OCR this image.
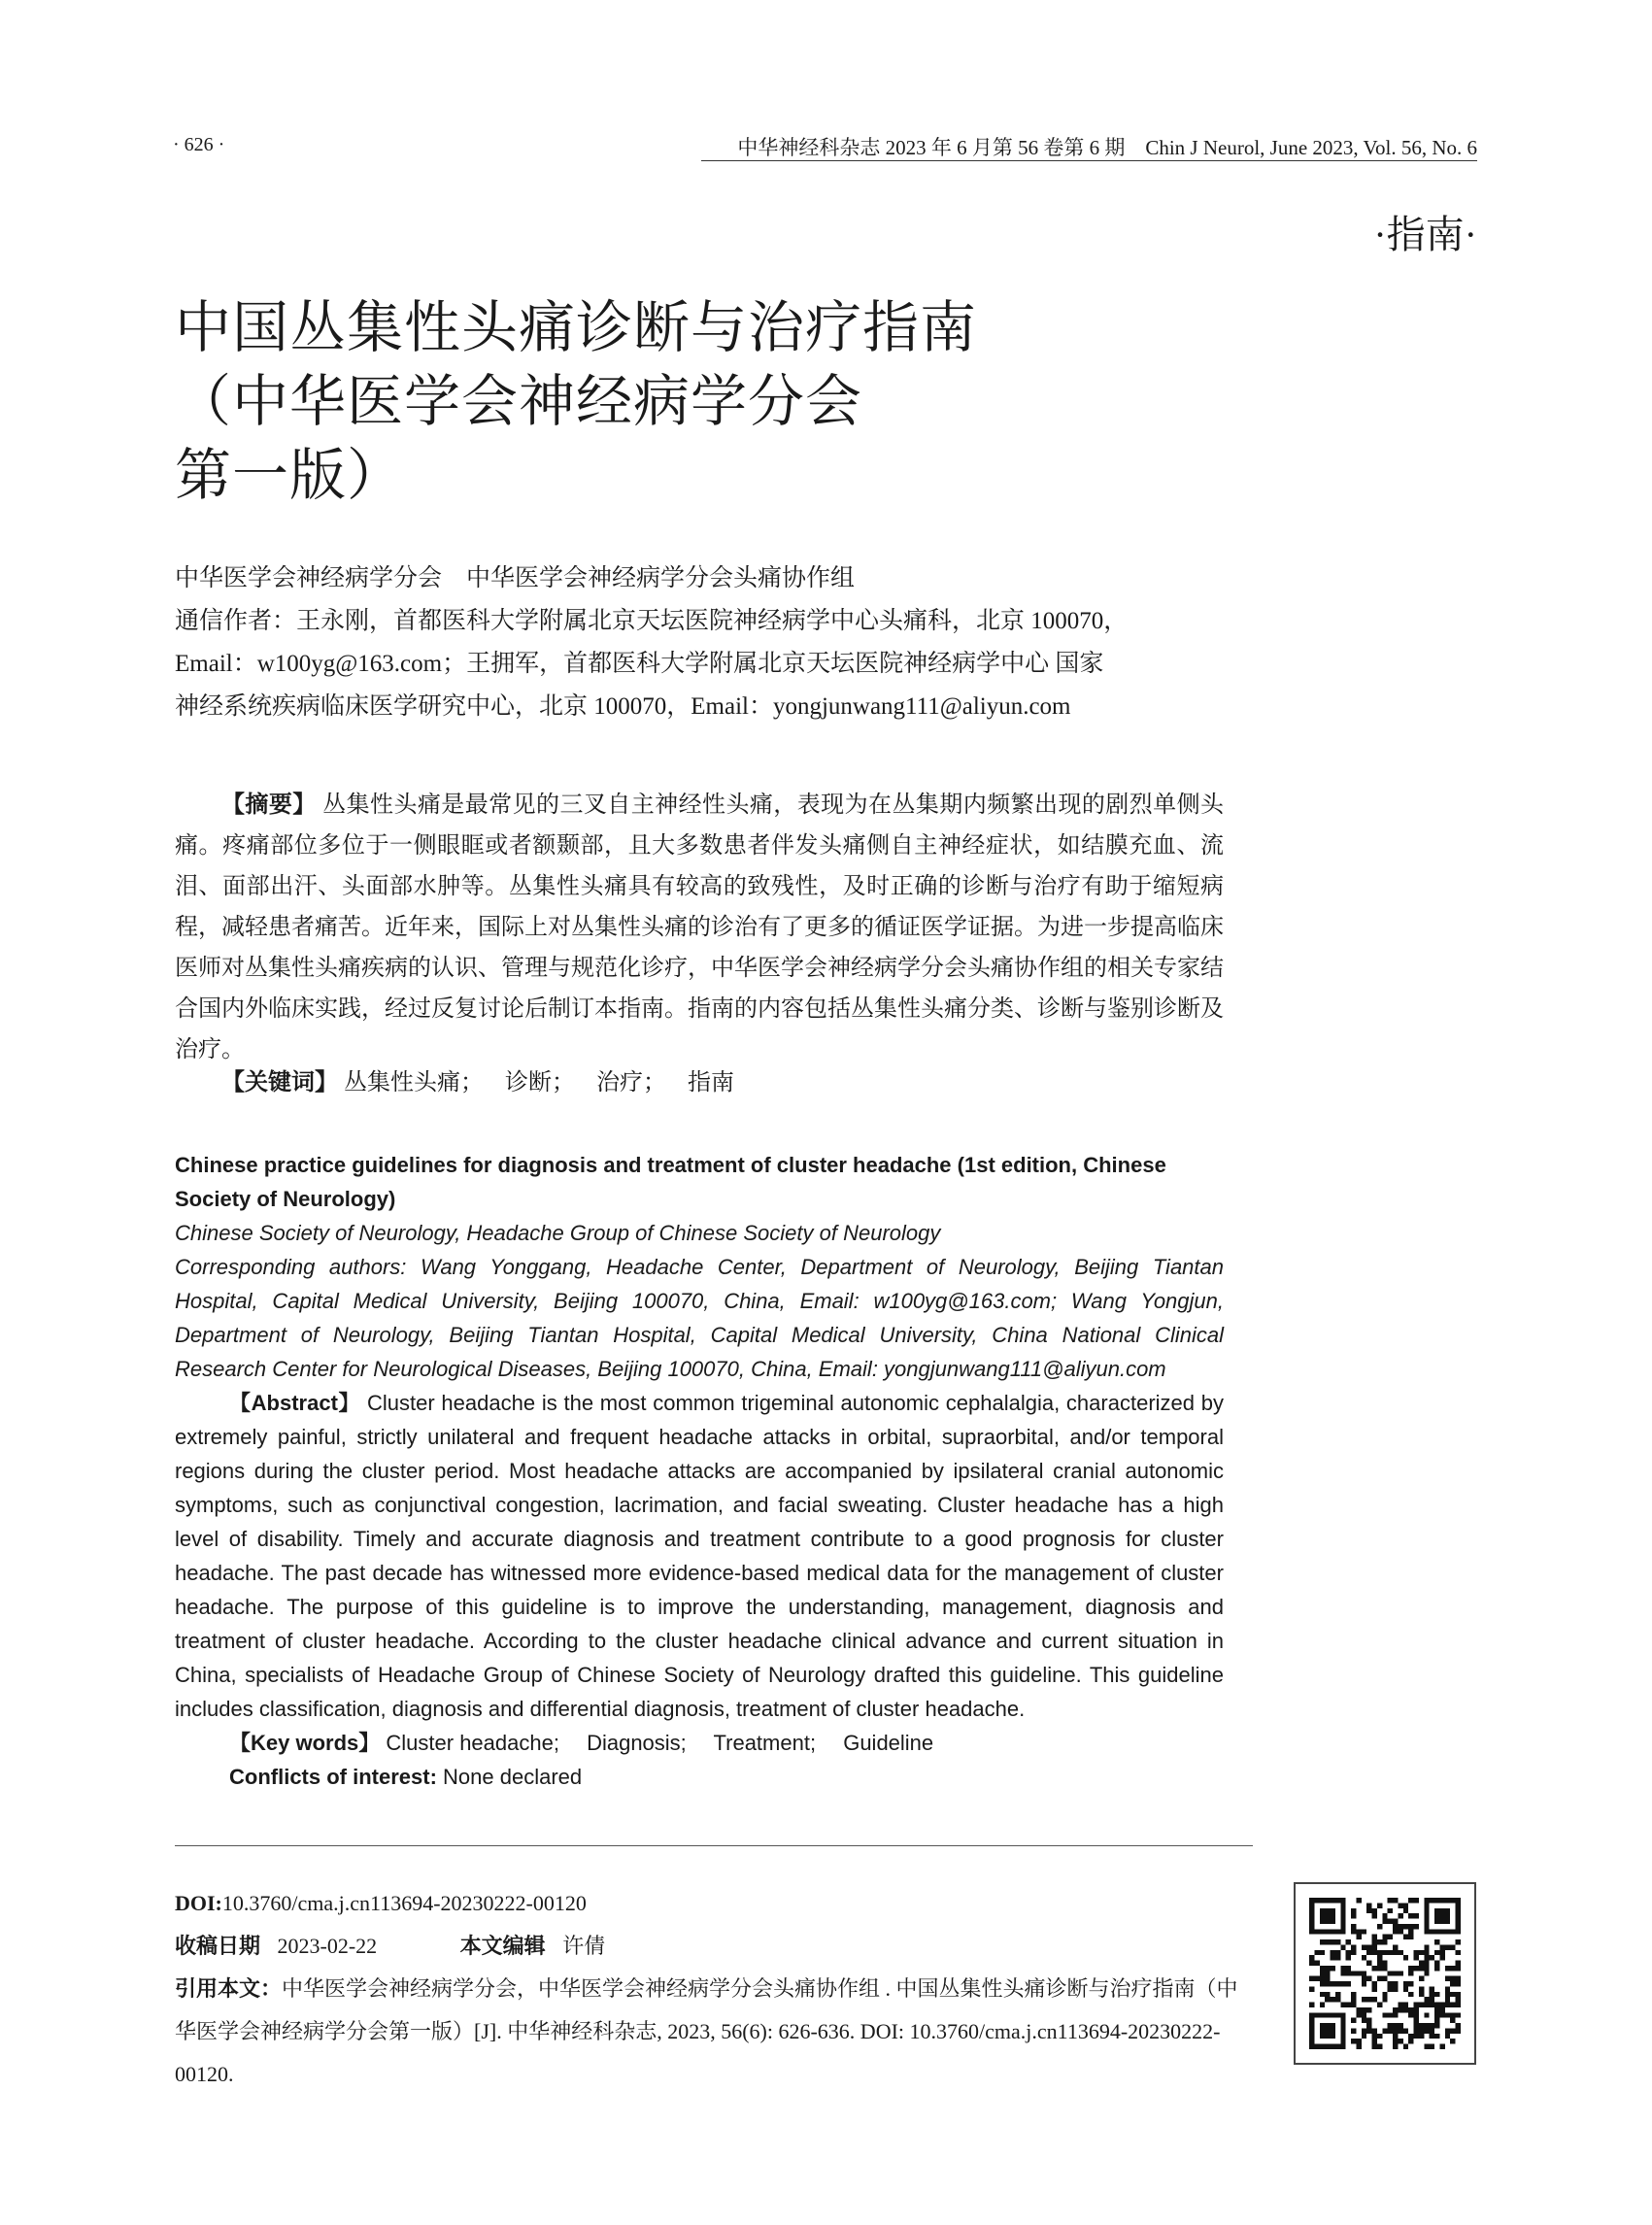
· 626 ·	中华神经科杂志 2023 年 6 月第 56 卷第 6 期　Chin J Neurol, June 2023, Vol. 56, No. 6
·指南·
中国丛集性头痛诊断与治疗指南
（中华医学会神经病学分会
第一版）
中华医学会神经病学分会　中华医学会神经病学分会头痛协作组
通信作者：王永刚，首都医科大学附属北京天坛医院神经病学中心头痛科，北京 100070，
Email：w100yg@163.com；王拥军，首都医科大学附属北京天坛医院神经病学中心 国家
神经系统疾病临床医学研究中心，北京 100070，Email：yongjunwang111@aliyun.com
【摘要】 丛集性头痛是最常见的三叉自主神经性头痛，表现为在丛集期内频繁出现的剧烈单侧头痛。疼痛部位多位于一侧眼眶或者额颞部，且大多数患者伴发头痛侧自主神经症状，如结膜充血、流泪、面部出汗、头面部水肿等。丛集性头痛具有较高的致残性，及时正确的诊断与治疗有助于缩短病程，减轻患者痛苦。近年来，国际上对丛集性头痛的诊治有了更多的循证医学证据。为进一步提高临床医师对丛集性头痛疾病的认识、管理与规范化诊疗，中华医学会神经病学分会头痛协作组的相关专家结合国内外临床实践，经过反复讨论后制订本指南。指南的内容包括丛集性头痛分类、诊断与鉴别诊断及治疗。
【关键词】 丛集性头痛； 诊断； 治疗； 指南
Chinese practice guidelines for diagnosis and treatment of cluster headache (1st edition, Chinese Society of Neurology)
Chinese Society of Neurology, Headache Group of Chinese Society of Neurology
Corresponding authors: Wang Yonggang, Headache Center, Department of Neurology, Beijing Tiantan Hospital, Capital Medical University, Beijing 100070, China, Email: w100yg@163.com; Wang Yongjun, Department of Neurology, Beijing Tiantan Hospital, Capital Medical University, China National Clinical Research Center for Neurological Diseases, Beijing 100070, China, Email: yongjunwang111@aliyun.com
【Abstract】 Cluster headache is the most common trigeminal autonomic cephalalgia, characterized by extremely painful, strictly unilateral and frequent headache attacks in orbital, supraorbital, and/or temporal regions during the cluster period. Most headache attacks are accompanied by ipsilateral cranial autonomic symptoms, such as conjunctival congestion, lacrimation, and facial sweating. Cluster headache has a high level of disability. Timely and accurate diagnosis and treatment contribute to a good prognosis for cluster headache. The past decade has witnessed more evidence-based medical data for the management of cluster headache. The purpose of this guideline is to improve the understanding, management, diagnosis and treatment of cluster headache. According to the cluster headache clinical advance and current situation in China, specialists of Headache Group of Chinese Society of Neurology drafted this guideline. This guideline includes classification, diagnosis and differential diagnosis, treatment of cluster headache.
【Key words】 Cluster headache; Diagnosis; Treatment; Guideline
Conflicts of interest: None declared
DOI:10.3760/cma.j.cn113694-20230222-00120
收稿日期 2023-02-22	本文编辑 许倩
引用本文：中华医学会神经病学分会，中华医学会神经病学分会头痛协作组 . 中国丛集性头痛诊断与治疗指南（中华医学会神经病学分会第一版）[J]. 中华神经科杂志, 2023, 56(6): 626-636. DOI: 10.3760/cma.j.cn113694-20230222-00120.
